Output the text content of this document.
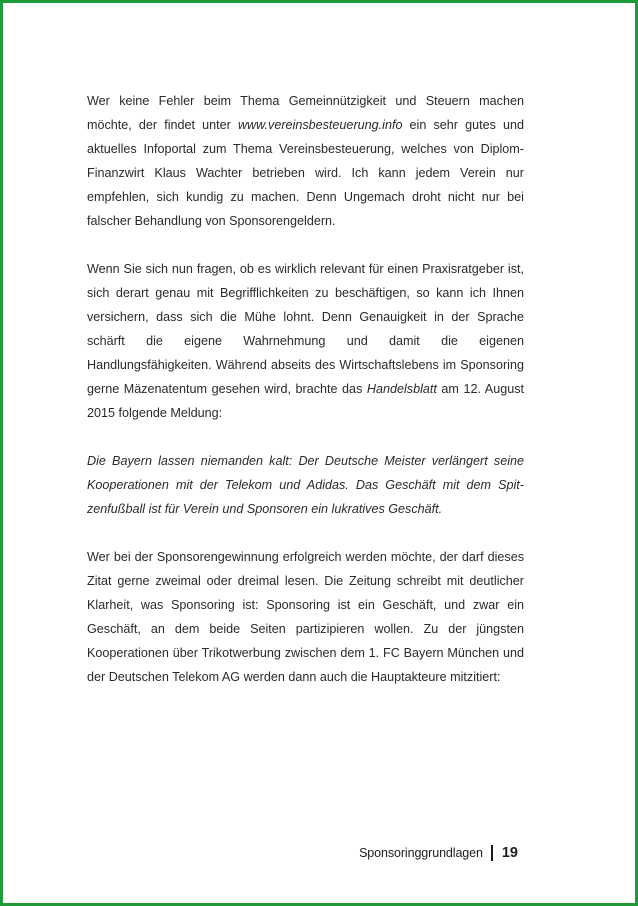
Wer keine Fehler beim Thema Gemeinnützigkeit und Steuern machen möchte, der findet unter www.vereinsbesteuerung.info ein sehr gutes und aktuelles Infoportal zum Thema Vereinsbesteuerung, welches von Diplom-Finanzwirt Klaus Wachter betrieben wird. Ich kann jedem Verein nur empfehlen, sich kundig zu machen. Denn Ungemach droht nicht nur bei falscher Behandlung von Sponsorengeldern.

Wenn Sie sich nun fragen, ob es wirklich relevant für einen Praxisratgeber ist, sich derart genau mit Begrifflichkeiten zu beschäftigen, so kann ich Ihnen versichern, dass sich die Mühe lohnt. Denn Genauigkeit in der Sprache schärft die eigene Wahrnehmung und damit die eigenen Handlungsfähigkeiten. Während abseits des Wirtschaftslebens im Sponsoring gerne Mäzenatentum gesehen wird, brachte das Handelsblatt am 12. August 2015 folgende Meldung:

Die Bayern lassen niemanden kalt: Der Deutsche Meister verlängert seine Kooperationen mit der Telekom und Adidas. Das Geschäft mit dem Spitzenfußball ist für Verein und Sponsoren ein lukratives Geschäft.

Wer bei der Sponsorengewinnung erfolgreich werden möchte, der darf dieses Zitat gerne zweimal oder dreimal lesen. Die Zeitung schreibt mit deutlicher Klarheit, was Sponsoring ist: Sponsoring ist ein Geschäft, und zwar ein Geschäft, an dem beide Seiten partizipieren wollen. Zu der jüngsten Kooperationen über Trikotwerbung zwischen dem 1. FC Bayern München und der Deutschen Telekom AG werden dann auch die Hauptakteure mitzitiert:

Sponsoringgrundlagen 19
